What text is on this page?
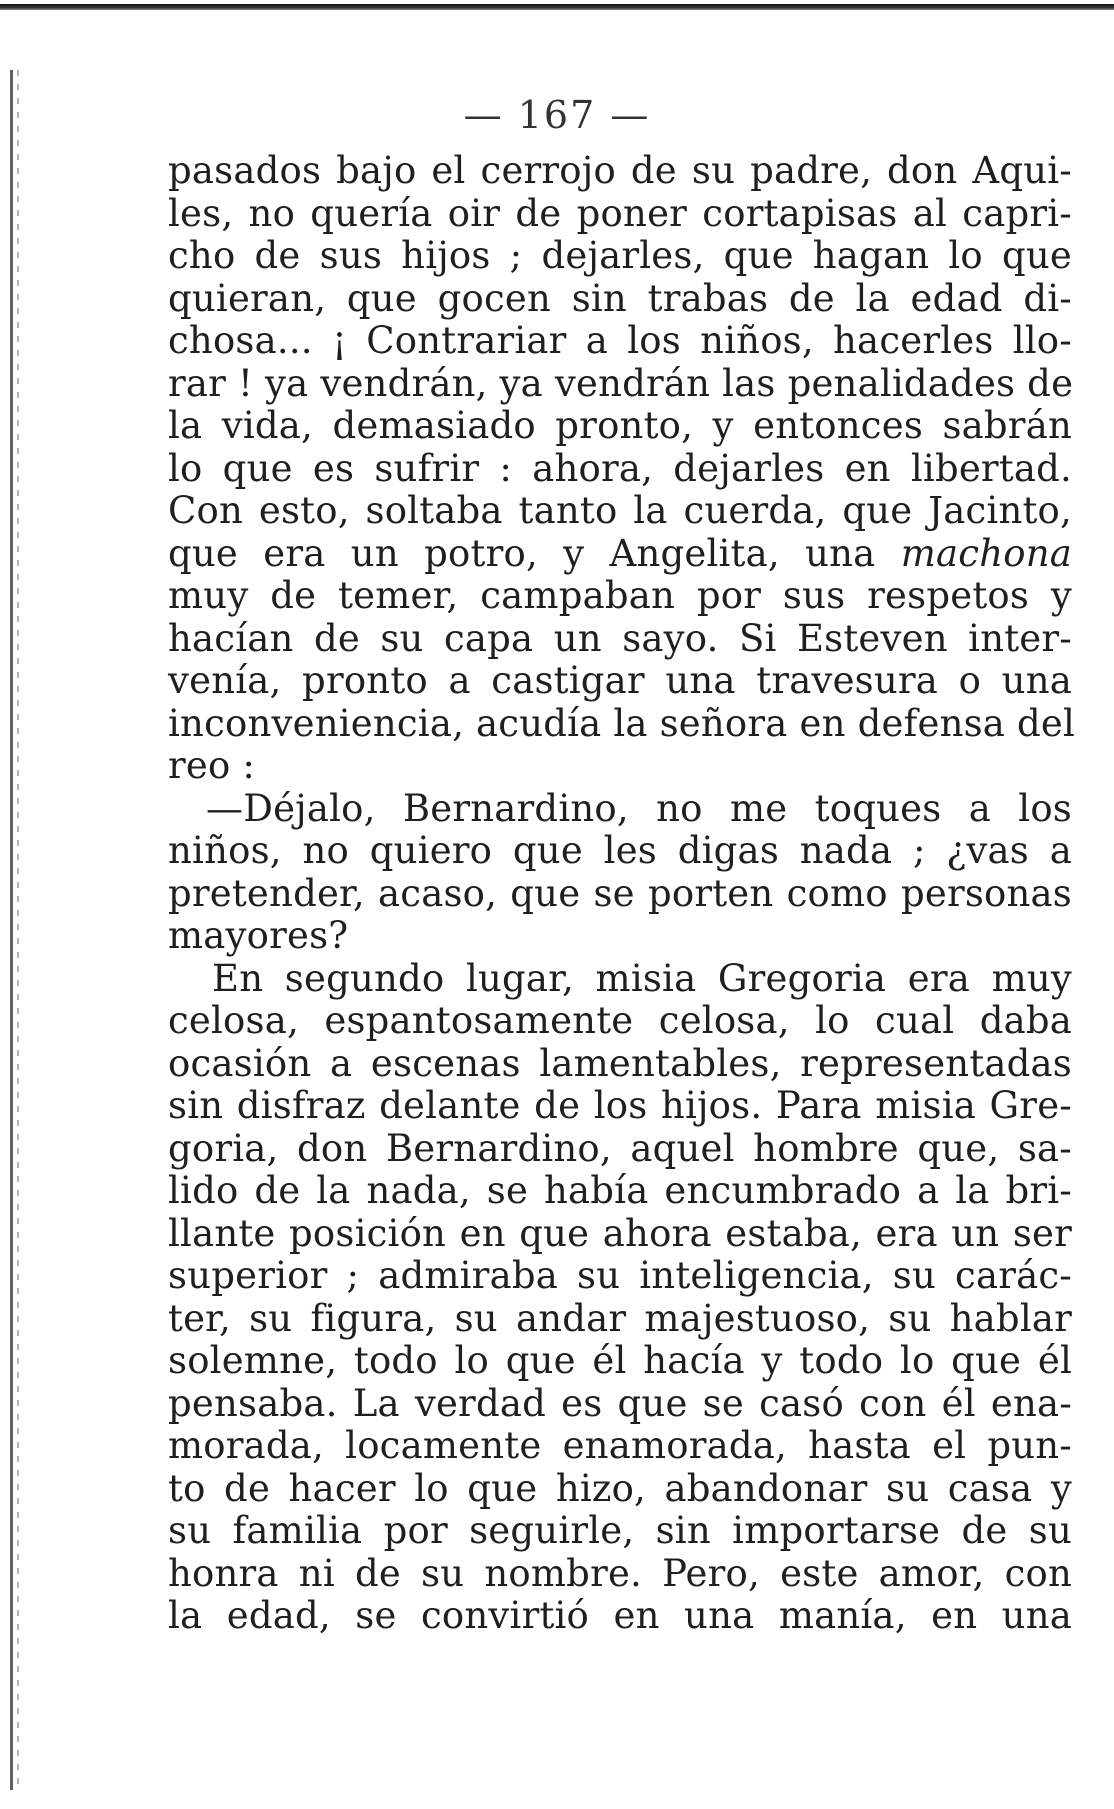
— 167 —
pasados bajo el cerrojo de su padre, don Aqui-
les, no quería oir de poner cortapisas al capri-
cho de sus hijos ; dejarles, que hagan lo que
quieran, que gocen sin trabas de la edad di-
chosa... ¡ Contrariar a los niños, hacerles llo-
rar ! ya vendrán, ya vendrán las penalidades de
la vida, demasiado pronto, y entonces sabrán
lo que es sufrir : ahora, dejarles en libertad.
Con esto, soltaba tanto la cuerda, que Jacinto,
que era un potro, y Angelita, una machona
muy de temer, campaban por sus respetos y
hacían de su capa un sayo. Si Esteven inter-
venía, pronto a castigar una travesura o una
inconveniencia, acudía la señora en defensa del
reo :
—Déjalo, Bernardino, no me toques a los
niños, no quiero que les digas nada ; ¿vas a
pretender, acaso, que se porten como personas
mayores?
En segundo lugar, misia Gregoria era muy
celosa, espantosamente celosa, lo cual daba
ocasión a escenas lamentables, representadas
sin disfraz delante de los hijos. Para misia Gre-
goria, don Bernardino, aquel hombre que, sa-
lido de la nada, se había encumbrado a la bri-
llante posición en que ahora estaba, era un ser
superior ; admiraba su inteligencia, su carác-
ter, su figura, su andar majestuoso, su hablar
solemne, todo lo que él hacía y todo lo que él
pensaba. La verdad es que se casó con él ena-
morada, locamente enamorada, hasta el pun-
to de hacer lo que hizo, abandonar su casa y
su familia por seguirle, sin importarse de su
honra ni de su nombre. Pero, este amor, con
la edad, se convirtió en una manía, en una
